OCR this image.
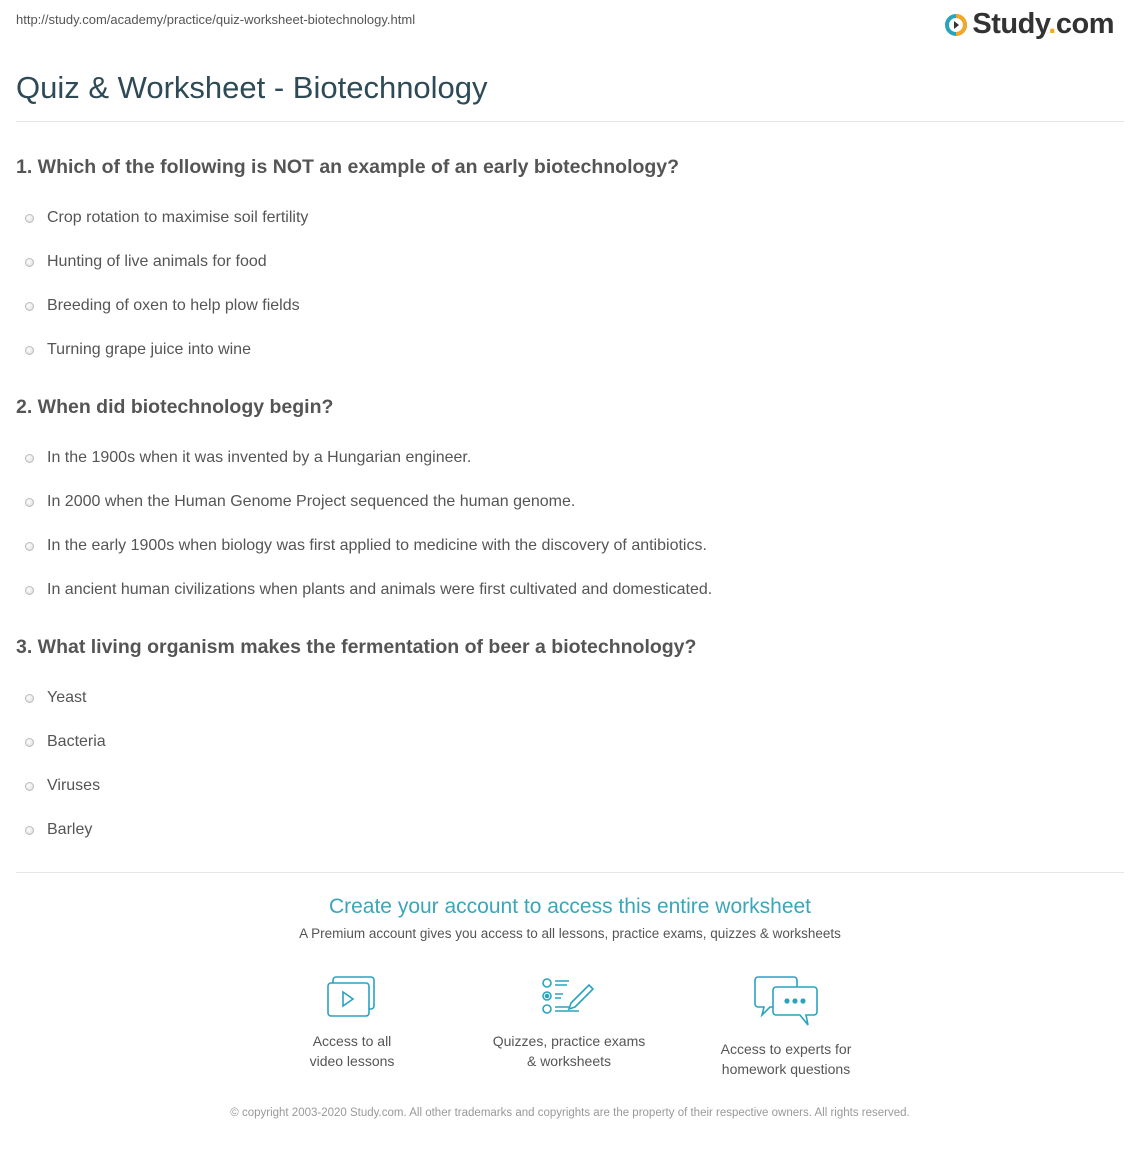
http://study.com/academy/practice/quiz-worksheet-biotechnology.html	Study.com
Quiz & Worksheet - Biotechnology
1. Which of the following is NOT an example of an early biotechnology?
Crop rotation to maximise soil fertility
Hunting of live animals for food
Breeding of oxen to help plow fields
Turning grape juice into wine
2. When did biotechnology begin?
In the 1900s when it was invented by a Hungarian engineer.
In 2000 when the Human Genome Project sequenced the human genome.
In the early 1900s when biology was first applied to medicine with the discovery of antibiotics.
In ancient human civilizations when plants and animals were first cultivated and domesticated.
3. What living organism makes the fermentation of beer a biotechnology?
Yeast
Bacteria
Viruses
Barley
Create your account to access this entire worksheet
A Premium account gives you access to all lessons, practice exams, quizzes & worksheets
Access to all
video lessons
Quizzes, practice exams
& worksheets
Access to experts for
homework questions
© copyright 2003-2020 Study.com. All other trademarks and copyrights are the property of their respective owners. All rights reserved.
